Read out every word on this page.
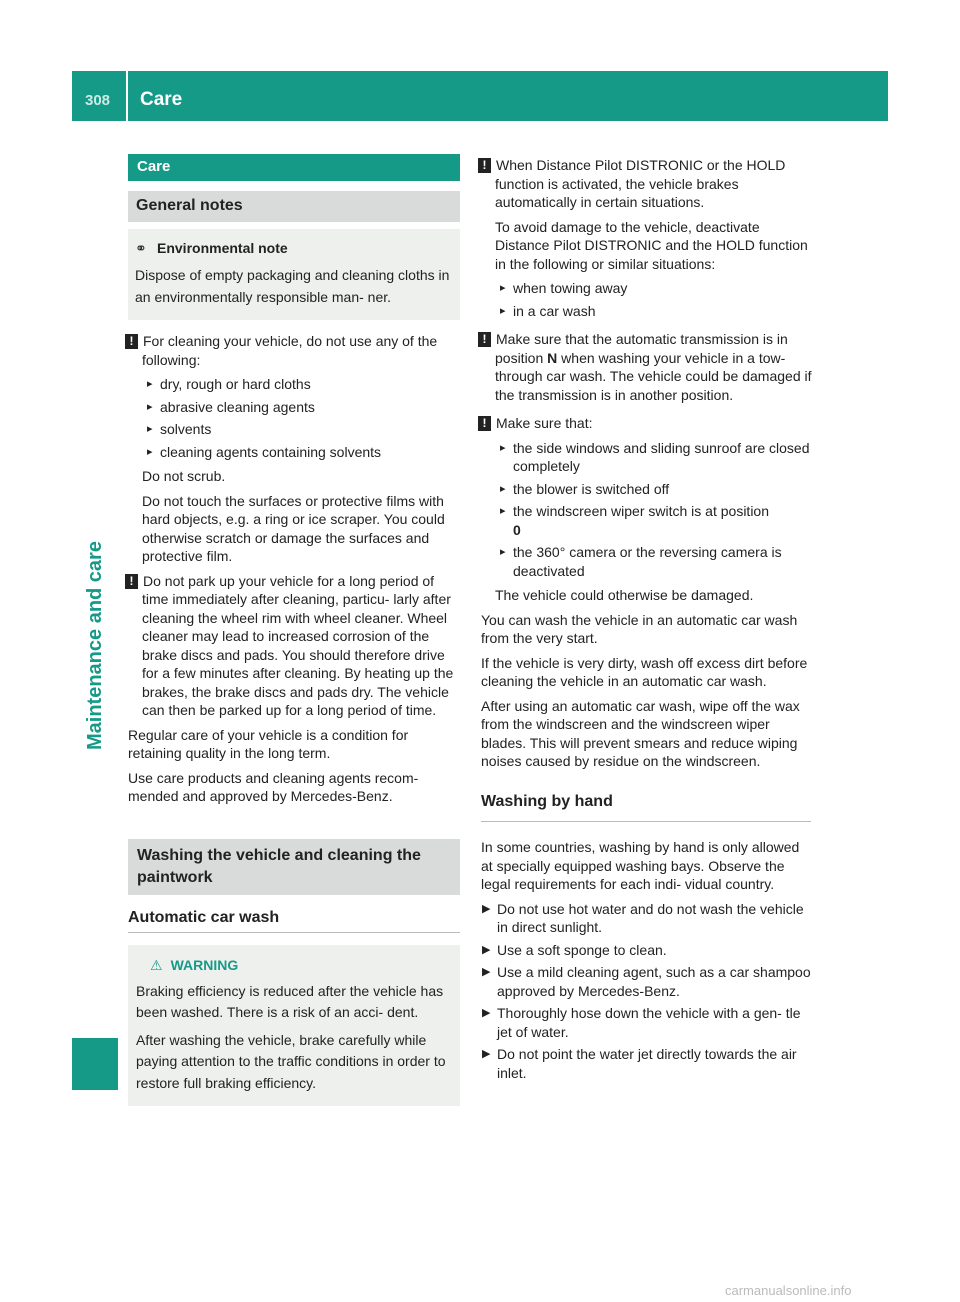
308 Care
Maintenance and care
Care
General notes
⚭ Environmental note
Dispose of empty packaging and cleaning cloths in an environmentally responsible man- ner.
! For cleaning your vehicle, do not use any of the following:
▸ dry, rough or hard cloths
▸ abrasive cleaning agents
▸ solvents
▸ cleaning agents containing solvents
Do not scrub.
Do not touch the surfaces or protective films with hard objects, e.g. a ring or ice scraper. You could otherwise scratch or damage the surfaces and protective film.
! Do not park up your vehicle for a long period of time immediately after cleaning, particu- larly after cleaning the wheel rim with wheel cleaner. Wheel cleaner may lead to increased corrosion of the brake discs and pads. You should therefore drive for a few minutes after cleaning. By heating up the brakes, the brake discs and pads dry. The vehicle can then be parked up for a long period of time.
Regular care of your vehicle is a condition for retaining quality in the long term.
Use care products and cleaning agents recom- mended and approved by Mercedes-Benz.
Washing the vehicle and cleaning the paintwork
Automatic car wash
⚠ WARNING
Braking efficiency is reduced after the vehicle has been washed. There is a risk of an acci- dent.
After washing the vehicle, brake carefully while paying attention to the traffic conditions in order to restore full braking efficiency.
! When Distance Pilot DISTRONIC or the HOLD function is activated, the vehicle brakes automatically in certain situations.
To avoid damage to the vehicle, deactivate Distance Pilot DISTRONIC and the HOLD function in the following or similar situations:
▸ when towing away
▸ in a car wash
! Make sure that the automatic transmission is in position N when washing your vehicle in a tow-through car wash. The vehicle could be damaged if the transmission is in another position.
! Make sure that:
▸ the side windows and sliding sunroof are closed completely
▸ the blower is switched off
▸ the windscreen wiper switch is at position
0
▸ the 360° camera or the reversing camera is deactivated
The vehicle could otherwise be damaged.
You can wash the vehicle in an automatic car wash from the very start.
If the vehicle is very dirty, wash off excess dirt before cleaning the vehicle in an automatic car wash.
After using an automatic car wash, wipe off the wax from the windscreen and the windscreen wiper blades. This will prevent smears and reduce wiping noises caused by residue on the windscreen.
Washing by hand
In some countries, washing by hand is only allowed at specially equipped washing bays. Observe the legal requirements for each indi- vidual country.
▶ Do not use hot water and do not wash the vehicle in direct sunlight.
▶ Use a soft sponge to clean.
▶ Use a mild cleaning agent, such as a car shampoo approved by Mercedes-Benz.
▶ Thoroughly hose down the vehicle with a gen- tle jet of water.
▶ Do not point the water jet directly towards the air inlet.
carmanualsonline.info
